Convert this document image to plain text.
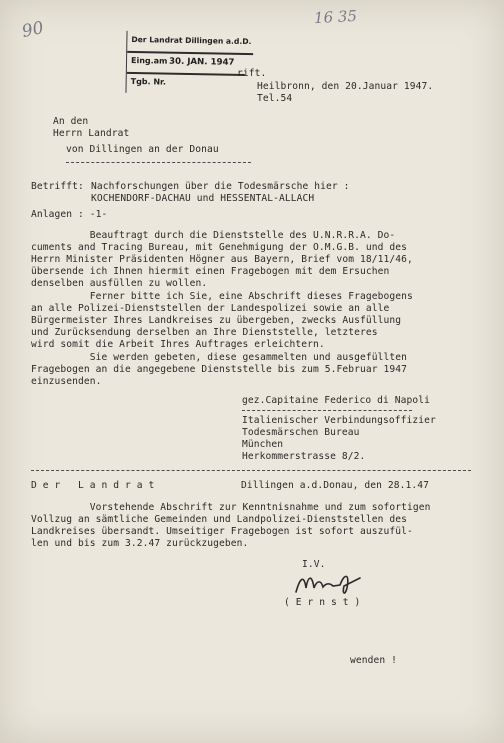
90
16 35
Der Landrat Dillingen a.d.D.
Eing.am 30. JAN. 1947
Tgb. Nr.
rift.
Heilbronn, den 20.Januar 1947.
Tel.54
An den
Herrn Landrat
von Dillingen an der Donau
Betrifft: Nachforschungen über die Todesmärsche hier :
KOCHENDORF-DACHAU und HESSENTAL-ALLACH
Anlagen : -1-
Beauftragt durch die Dienststelle des U.N.R.R.A. Do-
cuments and Tracing Bureau, mit Genehmigung der O.M.G.B. und des
Herrn Minister Präsidenten Högner aus Bayern, Brief vom 18/11/46,
übersende ich Ihnen hiermit einen Fragebogen mit dem Ersuchen
denselben ausfüllen zu wollen.
Ferner bitte ich Sie, eine Abschrift dieses Fragebogens
an alle Polizei-Dienststellen der Landespolizei sowie an alle
Bürgermeister Ihres Landkreises zu übergeben, zwecks Ausfüllung
und Zurücksendung derselben an Ihre Dienststelle, letzteres
wird somit die Arbeit Ihres Auftrages erleichtern.
Sie werden gebeten, diese gesammelten und ausgefüllten
Fragebogen an die angegebene Dienststelle bis zum 5.Februar 1947
einzusenden.
gez.Capitaine Federico di Napoli
Italienischer Verbindungsoffizier
Todesmärschen Bureau
München
Herkommerstrasse 8/2.
D e r   L a n d r a t	Dillingen a.d.Donau, den 28.1.47
Vorstehende Abschrift zur Kenntnisnahme und zum sofortigen
Vollzug an sämtliche Gemeinden und Landpolizei-Dienststellen des
Landkreises übersandt. Umseitiger Fragebogen ist sofort auszufül-
len und bis zum 3.2.47 zurückzugeben.
I.V.
( E r n s t )
wenden !
